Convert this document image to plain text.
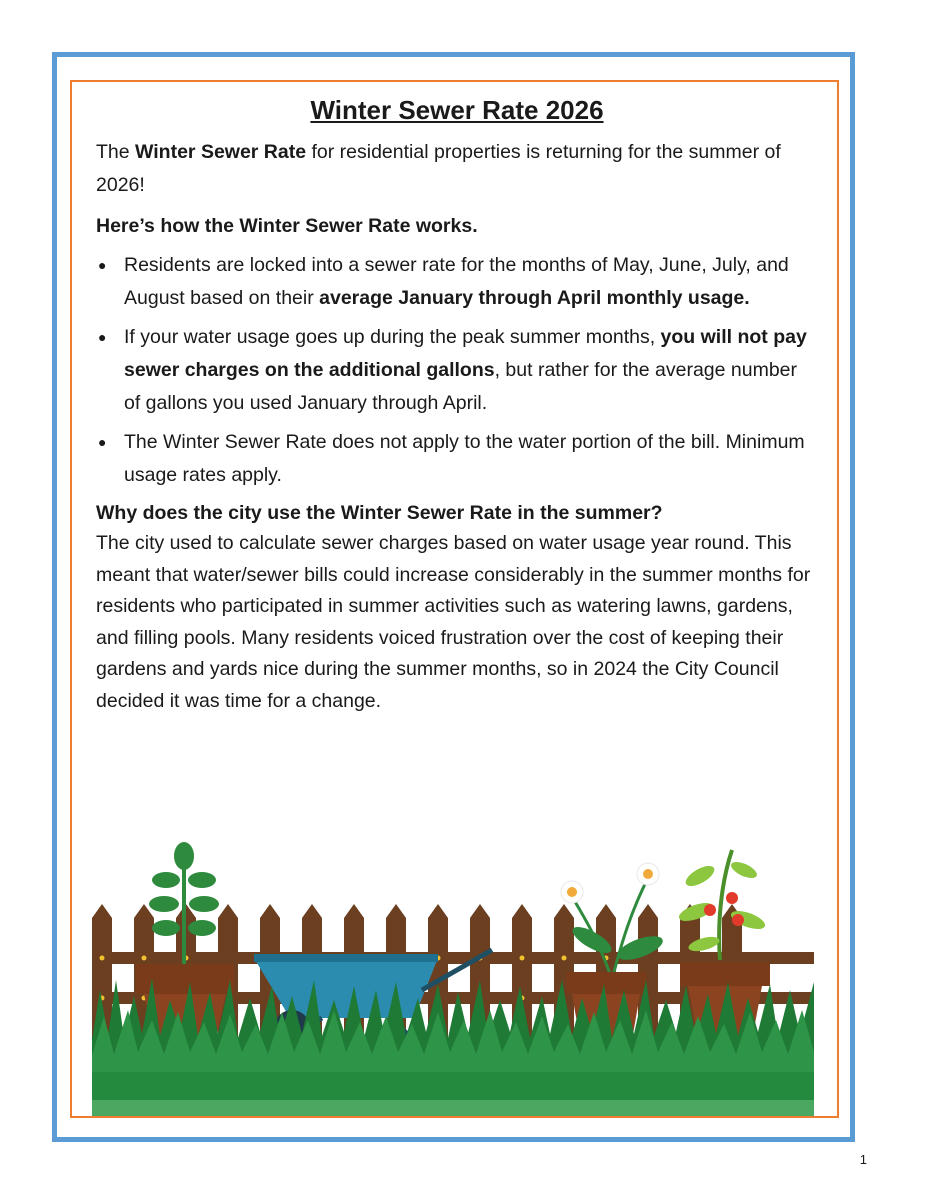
Winter Sewer Rate 2026

The Winter Sewer Rate for residential properties is returning for the summer of 2026!

Here’s how the Winter Sewer Rate works.

● Residents are locked into a sewer rate for the months of May, June, July, and August based on their average January through April monthly usage.
● If your water usage goes up during the peak summer months, you will not pay sewer charges on the additional gallons, but rather for the average number of gallons you used January through April.
● The Winter Sewer Rate does not apply to the water portion of the bill. Minimum usage rates apply.

Why does the city use the Winter Sewer Rate in the summer?

The city used to calculate sewer charges based on water usage year round. This meant that water/sewer bills could increase considerably in the summer months for residents who participated in summer activities such as watering lawns, gardens, and filling pools. Many residents voiced frustration over the cost of keeping their gardens and yards nice during the summer months, so in 2024 the City Council decided it was time for a change.

1
